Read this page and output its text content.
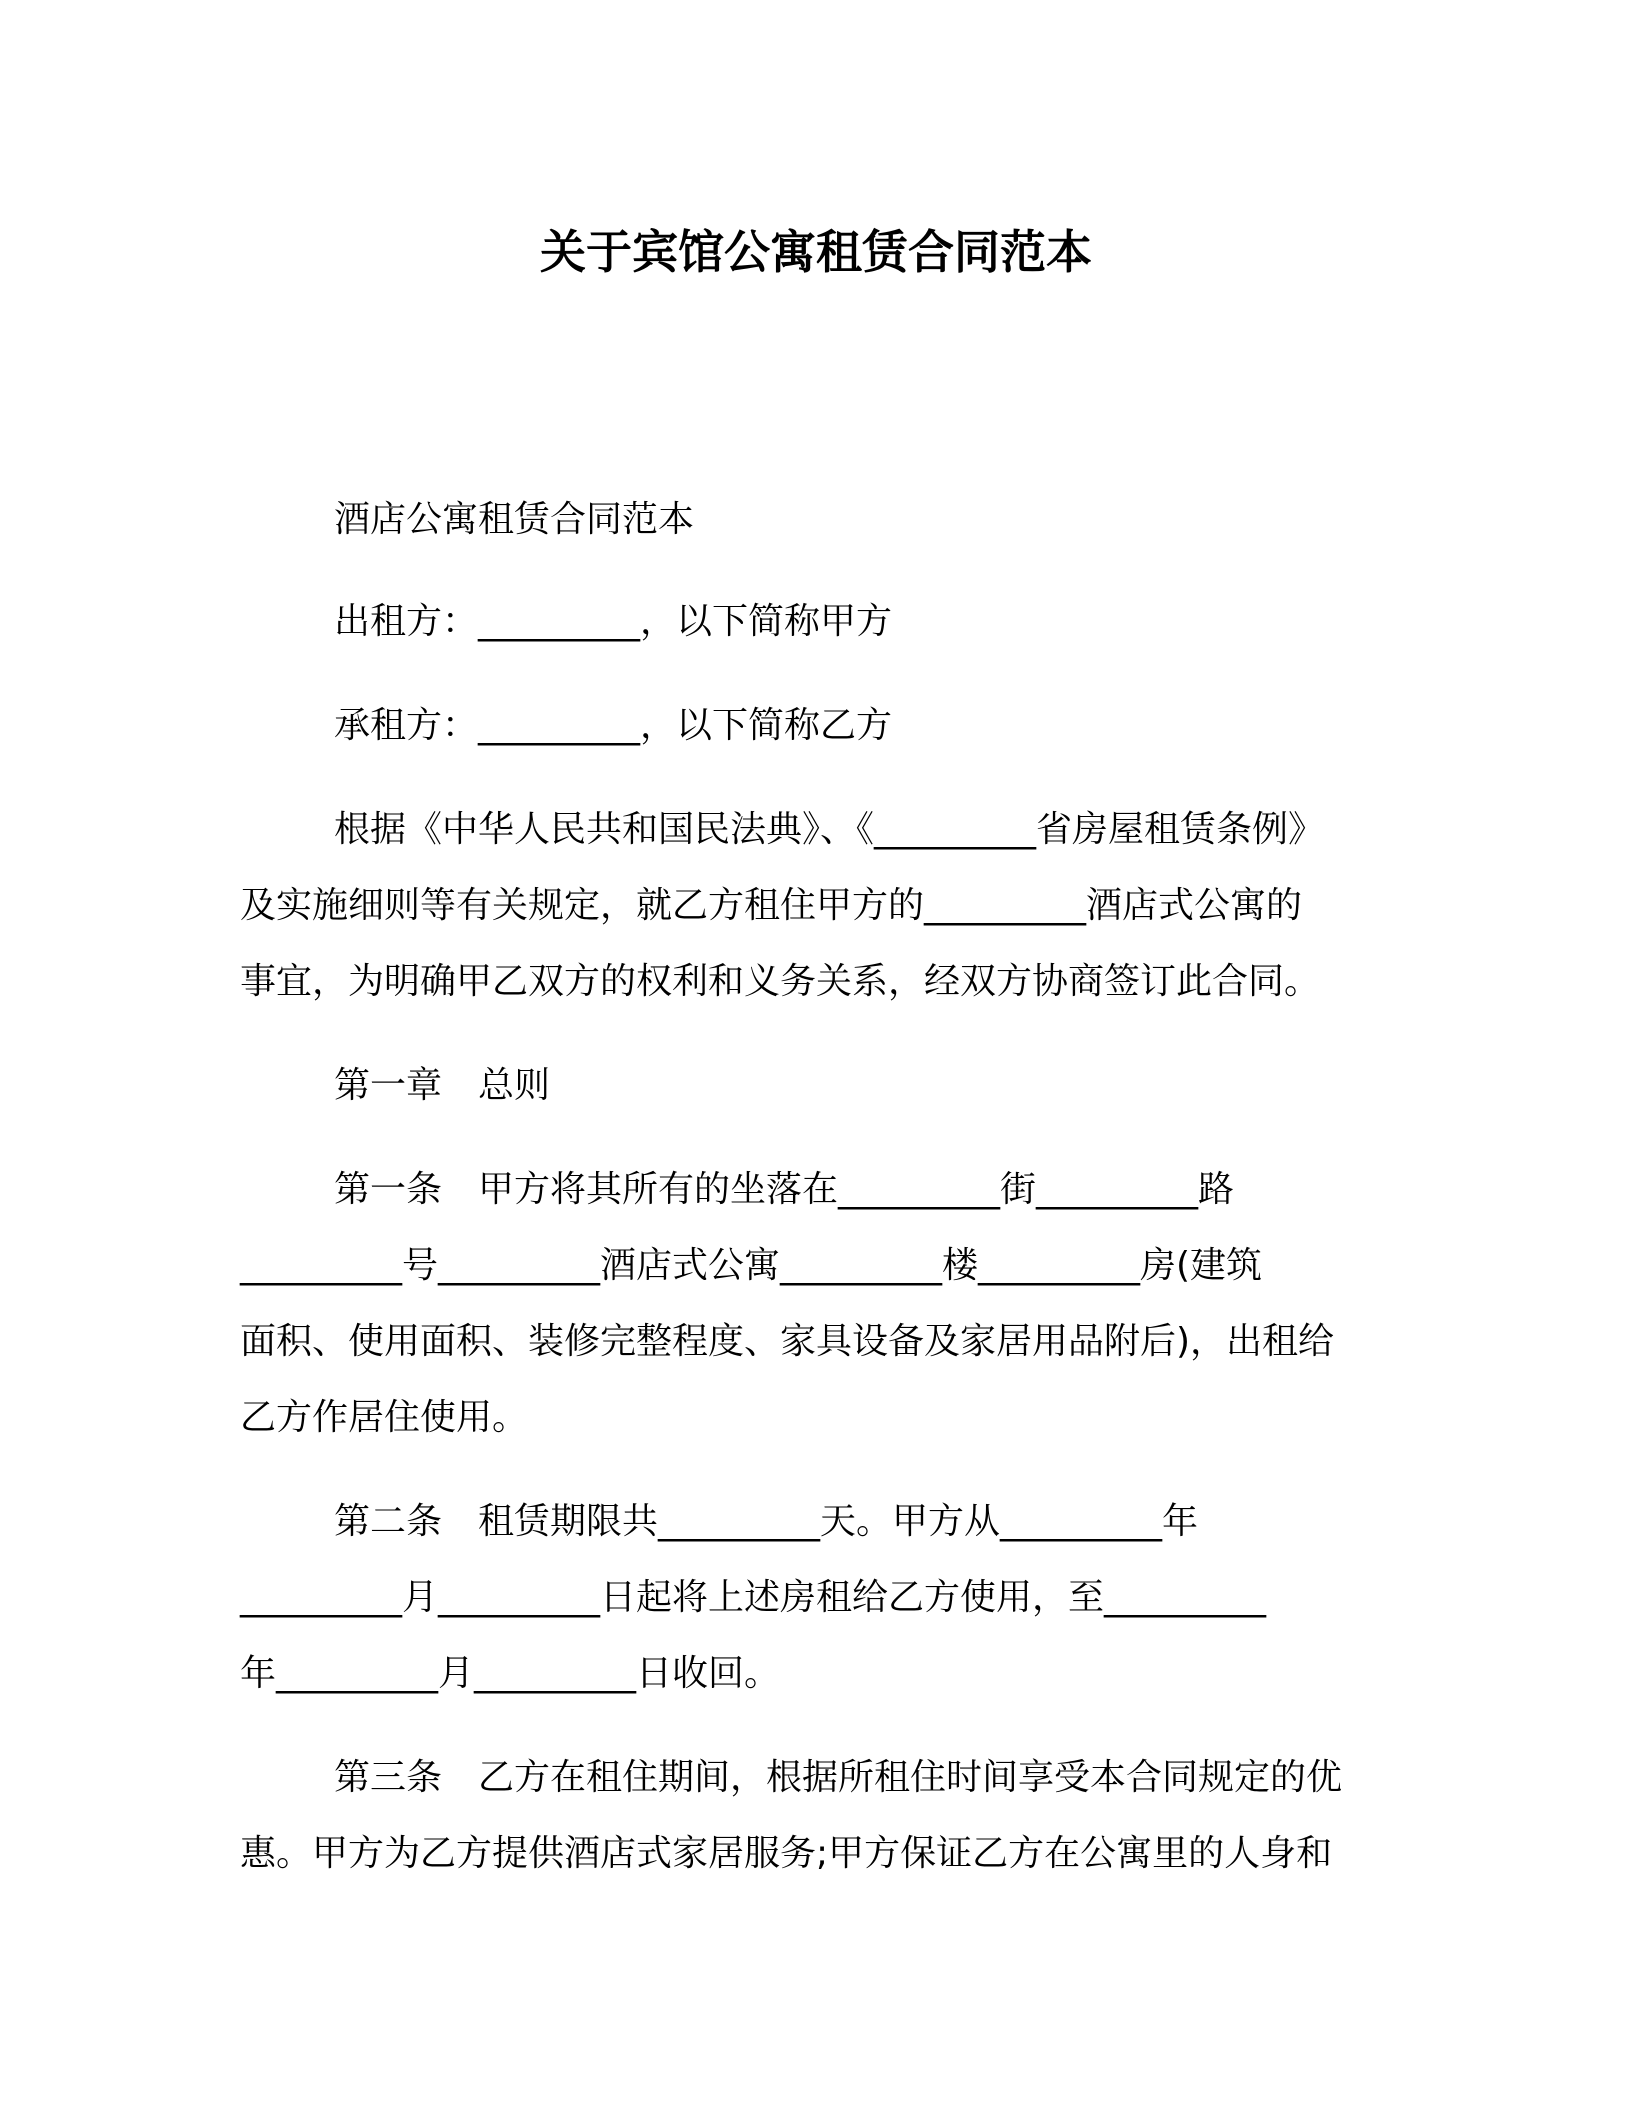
关于宾馆公寓租赁合同范本
酒店公寓租赁合同范本
出租方：_________，以下简称甲方
承租方：_________，以下简称乙方
根据《中华人民共和国民法典》、《_________省房屋租赁条例》
及实施细则等有关规定，就乙方租住甲方的_________酒店式公寓的
事宜，为明确甲乙双方的权利和义务关系，经双方协商签订此合同。
第一章　总则
第一条　甲方将其所有的坐落在_________街_________路
_________号_________酒店式公寓_________楼_________房(建筑
面积、使用面积、装修完整程度、家具设备及家居用品附后)，出租给
乙方作居住使用。
第二条　租赁期限共_________天。甲方从_________年
_________月_________日起将上述房租给乙方使用，至_________
年_________月_________日收回。
第三条　乙方在租住期间，根据所租住时间享受本合同规定的优
惠。甲方为乙方提供酒店式家居服务;甲方保证乙方在公寓里的人身和
